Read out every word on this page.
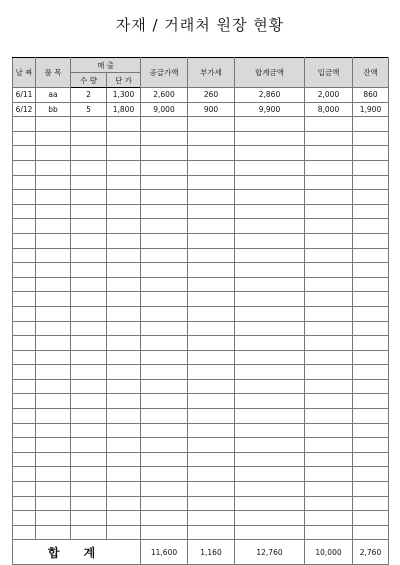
자재 / 거래처 원장 현황
날 짜	품 목	매 출		공급가액	부가세	합계금액	입금액	잔액
		수 량	단 가					
6/11	aa	2	1,300	2,600	260	2,860	2,000	860
6/12	bb	5	1,800	9,000	900	9,900	8,000	1,900

합 계				11,600	1,160	12,760	10,000	2,760
